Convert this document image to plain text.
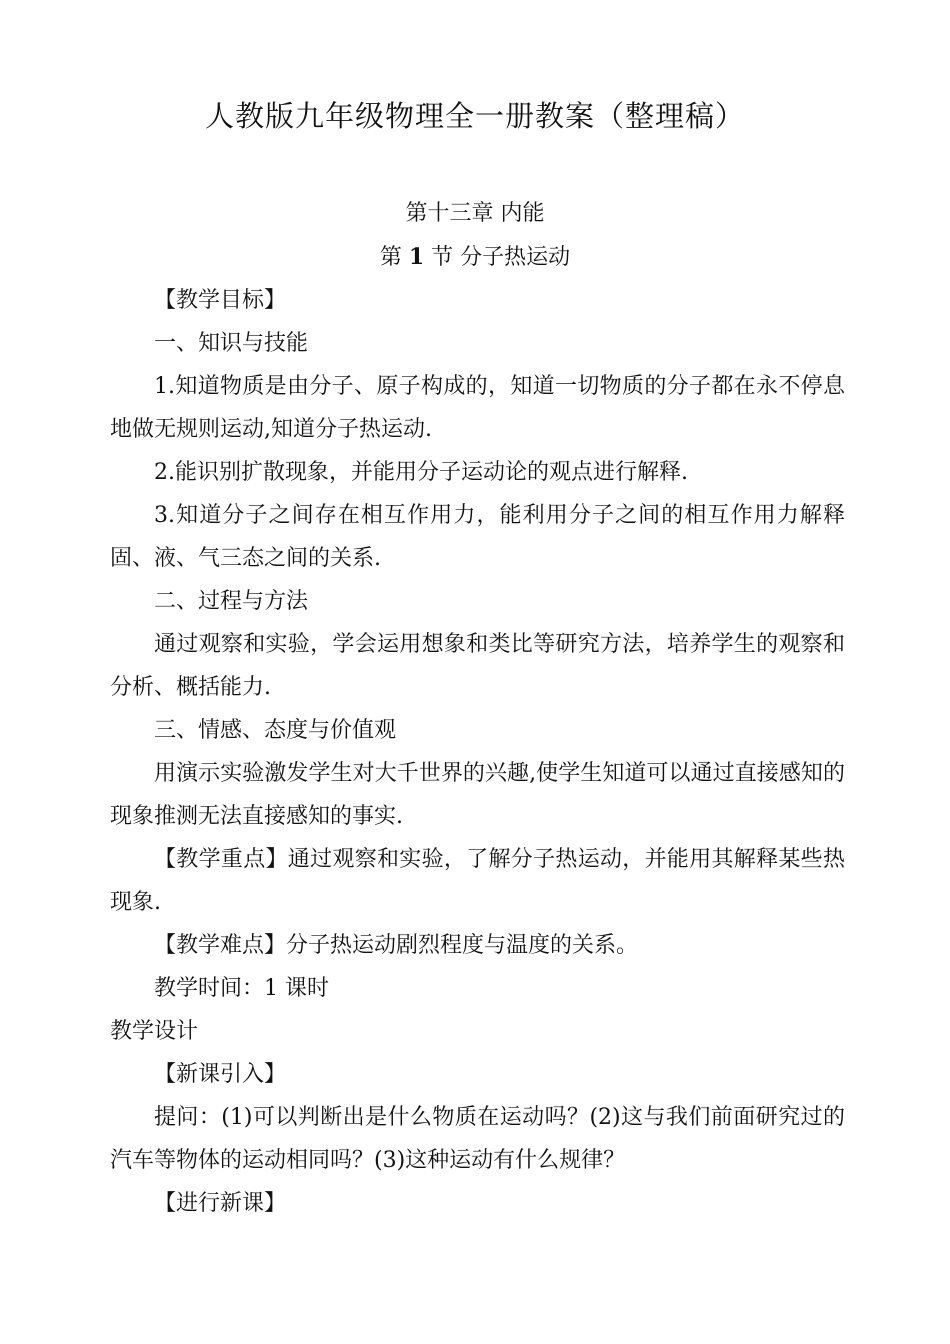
人教版九年级物理全一册教案（整理稿）
第十三章 内能
第 1 节 分子热运动

【教学目标】

一、知识与技能

1.知道物质是由分子、原子构成的，知道一切物质的分子都在永不停息地做无规则运动,知道分子热运动.

2.能识别扩散现象，并能用分子运动论的观点进行解释.

3.知道分子之间存在相互作用力，能利用分子之间的相互作用力解释固、液、气三态之间的关系.

二、过程与方法

通过观察和实验，学会运用想象和类比等研究方法，培养学生的观察和分析、概括能力.

三、情感、态度与价值观

用演示实验激发学生对大千世界的兴趣,使学生知道可以通过直接感知的现象推测无法直接感知的事实.

【教学重点】通过观察和实验，了解分子热运动，并能用其解释某些热现象.

【教学难点】分子热运动剧烈程度与温度的关系。

教学时间：1 课时

教学设计

【新课引入】

提问：(1)可以判断出是什么物质在运动吗？(2)这与我们前面研究过的汽车等物体的运动相同吗？(3)这种运动有什么规律？

【进行新课】
